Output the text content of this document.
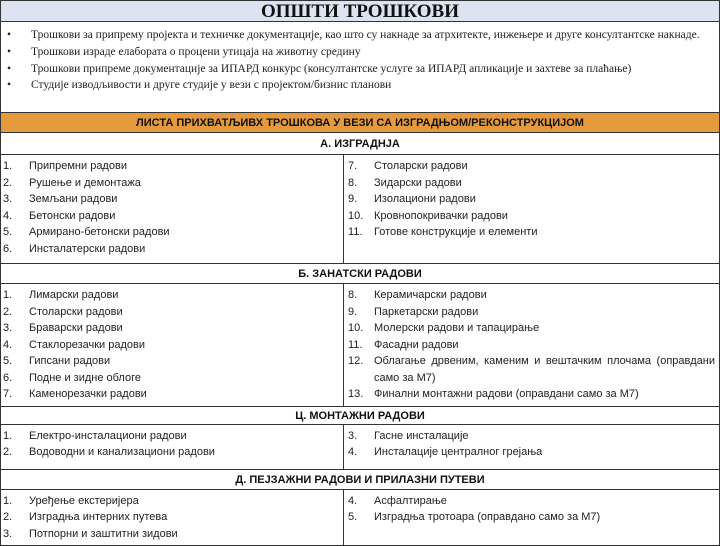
ОПШТИ ТРОШКОВИ
•	Трошкови за припрему пројекта и техничке документације, као што су накнаде за атрхитекте, инжењере и друге консултантске накнаде.
•	Трошкови израде елабората о процени утицаја на животну средину
•	Трошкови припреме документације за ИПАРД конкурс (консултантске услуге за ИПАРД апликације и захтеве за плаћање)
•	Студије изводљивости и друге студије у вези с пројектом/бизнис планови
ЛИСТА ПРИХВАТЉИВХ ТРОШКОВА У ВЕЗИ СА ИЗГРАДЊОМ/РЕКОНСТРУКЦИЈОМ
А. ИЗГРАДНЈА
1.	Припремни радови
2.	Рушење и демонтажа
3.	Земљани радови
4.	Бетонски радови
5.	Армирано-бетонски радови
6.	Инсталатерски радови
7.	Столарски радови
8.	Зидарски радови
9.	Изолациони радови
10. Кровнопокривачки радови
11.	Готове конструкције и елементи
Б. ЗАНАТСКИ РАДОВИ
1.	Лимарски радови
2.	Столарски радови
3.	Браварски радови
4.	Стаклорезачки радови
5.	Гипсани радови
6.	Подне и зидне облоге
7.	Каменорезачки радови
8.	Керамичарски радови
9.	Паркетарски радови
10. Молерски радови и тапацирање
11.	Фасадни радови
12. Облагање дрвеним, каменим и вештачким плочама (оправдани само за М7)
13. Финални монтажни радови (оправдани само за М7)
Ц. МОНТАЖНИ РАДОВИ
1.	Електро-инсталациони радови
2.	Водоводни и канализациони радови
3.	Гасне инсталације
4.	Инсталације централног грејања
Д. ПЕЈЗАЖНИ РАДОВИ И ПРИЛАЗНИ ПУТЕВИ
1.	Уређење екстеријера
2.	Изградња интерних путева
3.	Потпорни и заштитни зидови
4.	Асфалтирање
5.	Изградња тротоара (оправдано само за М7)
